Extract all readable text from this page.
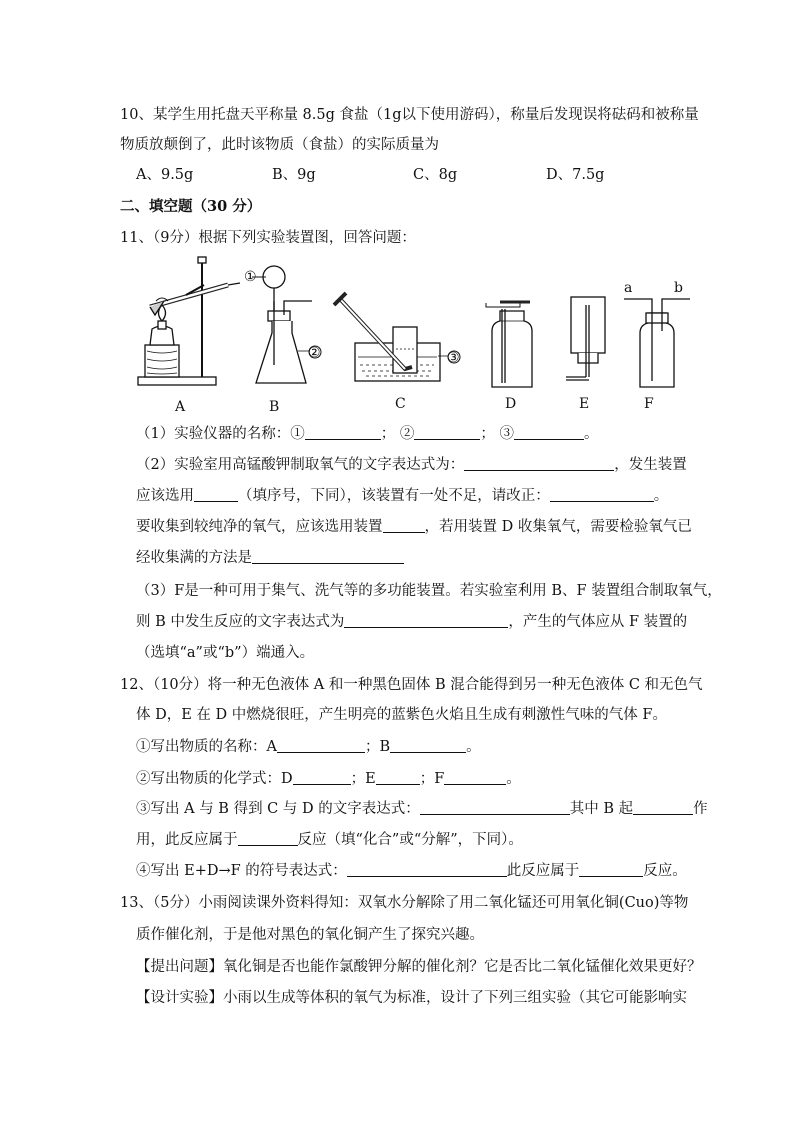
10、某学生用托盘天平称量 8.5g 食盐（1g以下使用游码），称量后发现误将砝码和被称量
物质放颠倒了，此时该物质（食盐）的实际质量为
A、9.5g	B、9g	C、8g	D、7.5g
二、填空题（30 分）
11、（9分）根据下列实验装置图，回答问题：
①
②	③
a	b
A	B	C	D	E	F
（1）实验仪器的名称：①	； ②	； ③	。
（2）实验室用高锰酸钾制取氧气的文字表达式为：	，发生装置
应该选用	（填序号，下同），该装置有一处不足，请改正：	。
要收集到较纯净的氧气，应该选用装置	，若用装置 D 收集氧气，需要检验氧气已
经收集满的方法是
（3）F是一种可用于集气、洗气等的多功能装置。若实验室利用 B、F 装置组合制取氧气，
则 B 中发生反应的文字表达式为	，产生的气体应从 F 装置的
（选填“a”或“b”）端通入。
12、（10分）将一种无色液体 A 和一种黑色固体 B 混合能得到另一种无色液体 C 和无色气
体 D，E 在 D 中燃烧很旺，产生明亮的蓝紫色火焰且生成有刺激性气味的气体 F。
①写出物质的名称：A	；B	。
②写出物质的化学式：D	；E	；F	。
③写出 A 与 B 得到 C 与 D 的文字表达式：	其中 B 起	作
用，此反应属于	反应（填“化合”或“分解”，下同）。
④写出 E+D→F 的符号表达式：	此反应属于	反应。
13、（5分）小雨阅读课外资料得知：双氧水分解除了用二氧化锰还可用氧化铜(Cuo)等物
质作催化剂，于是他对黑色的氧化铜产生了探究兴趣。
【提出问题】氧化铜是否也能作氯酸钾分解的催化剂？它是否比二氧化锰催化效果更好？
【设计实验】小雨以生成等体积的氧气为标准，设计了下列三组实验（其它可能影响实
